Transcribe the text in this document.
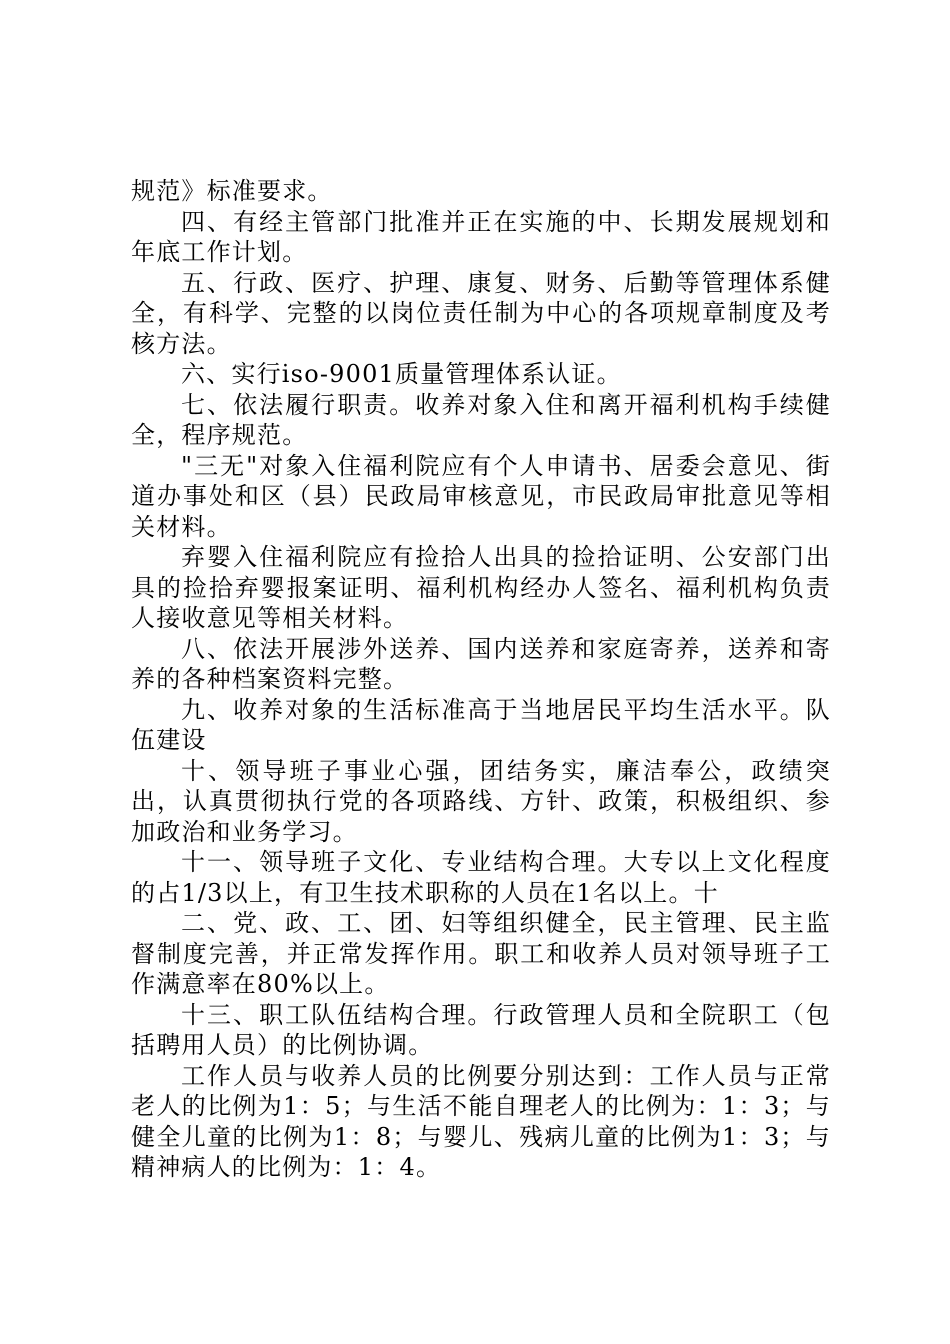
规范》标准要求。

四、有经主管部门批准并正在实施的中、长期发展规划和年底工作计划。

五、行政、医疗、护理、康复、财务、后勤等管理体系健全，有科学、完整的以岗位责任制为中心的各项规章制度及考核方法。

六、实行iso-9001质量管理体系认证。

七、依法履行职责。收养对象入住和离开福利机构手续健全，程序规范。

"三无"对象入住福利院应有个人申请书、居委会意见、街道办事处和区（县）民政局审核意见，市民政局审批意见等相关材料。

弃婴入住福利院应有捡拾人出具的捡拾证明、公安部门出具的捡拾弃婴报案证明、福利机构经办人签名、福利机构负责人接收意见等相关材料。

八、依法开展涉外送养、国内送养和家庭寄养，送养和寄养的各种档案资料完整。

九、收养对象的生活标准高于当地居民平均生活水平。队伍建设

十、领导班子事业心强，团结务实，廉洁奉公，政绩突出，认真贯彻执行党的各项路线、方针、政策，积极组织、参加政治和业务学习。

十一、领导班子文化、专业结构合理。大专以上文化程度的占1/3以上，有卫生技术职称的人员在1名以上。十

二、党、政、工、团、妇等组织健全，民主管理、民主监督制度完善，并正常发挥作用。职工和收养人员对领导班子工作满意率在80%以上。

十三、职工队伍结构合理。行政管理人员和全院职工（包括聘用人员）的比例协调。

工作人员与收养人员的比例要分别达到：工作人员与正常老人的比例为1：5；与生活不能自理老人的比例为：1：3；与健全儿童的比例为1：8；与婴儿、残病儿童的比例为1：3；与精神病人的比例为：1：4。
